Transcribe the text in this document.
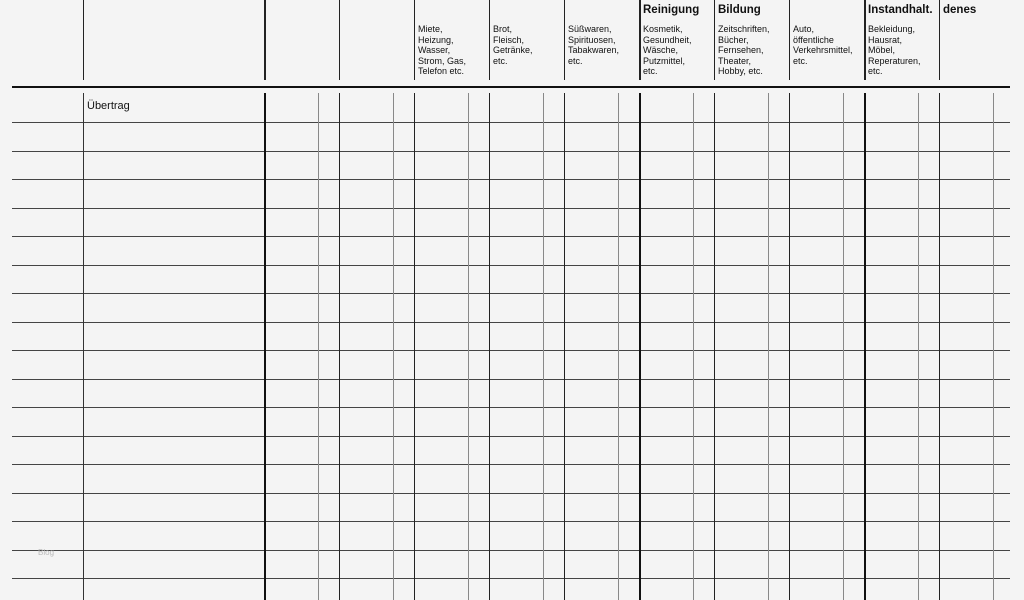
Miete,
Heizung,
Wasser,
Strom, Gas,
Telefon etc.
Brot,
Fleisch,
Getränke,
etc.
Süßwaren,
Spirituosen,
Tabakwaren,
etc.
Reinigung
Kosmetik,
Gesundheit,
Wäsche,
Putzmittel,
etc.
Bildung
Zeitschriften,
Bücher,
Fernsehen,
Theater,
Hobby, etc.
Auto,
öffentliche
Verkehrsmittel,
etc.
Instandhalt.
Bekleidung,
Hausrat,
Möbel,
Reperaturen,
etc.
denes
Übertrag
Blog
